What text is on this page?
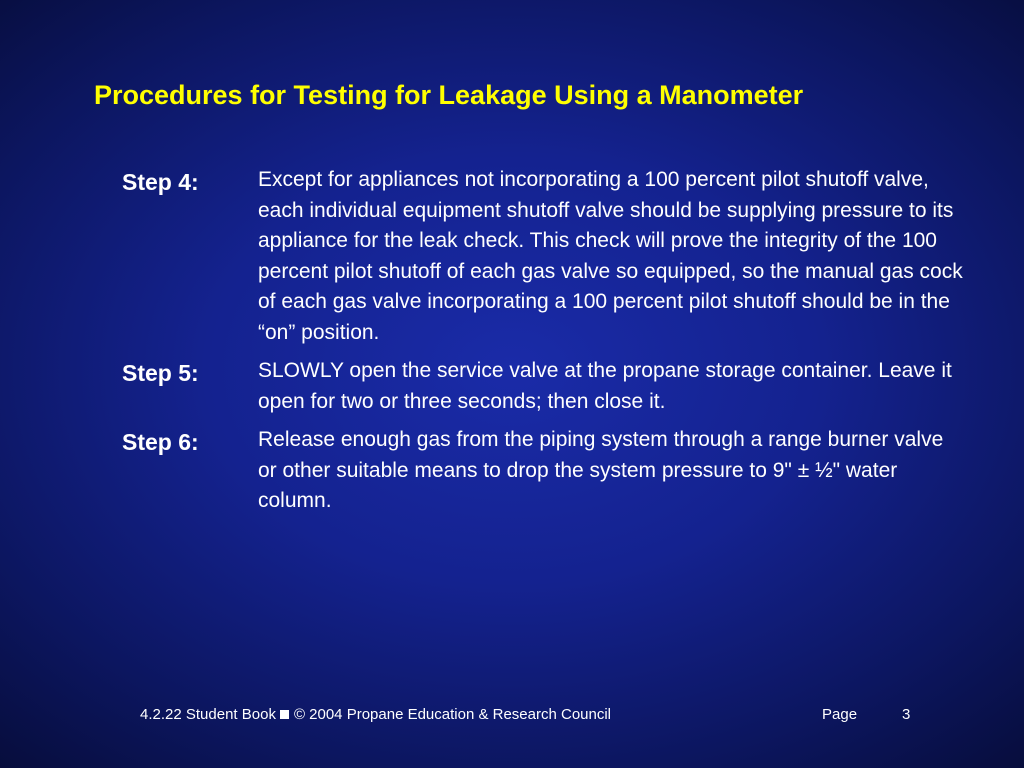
Procedures for Testing for Leakage Using a Manometer
Step 4:	Except for appliances not incorporating a 100 percent pilot shutoff valve, each individual equipment shutoff valve should be supplying pressure to its appliance for the leak check. This check will prove the integrity of the 100 percent pilot shutoff of each gas valve so equipped, so the manual gas cock of each gas valve incorporating a 100 percent pilot shutoff should be in the “on” position.
Step 5:	SLOWLY open the service valve at the propane storage container. Leave it open for two or three seconds; then close it.
Step 6:	Release enough gas from the piping system through a range burner valve or other suitable means to drop the system pressure to 9" ± ½" water column.
4.2.22 Student Book © 2004 Propane Education & Research Council	Page	3
